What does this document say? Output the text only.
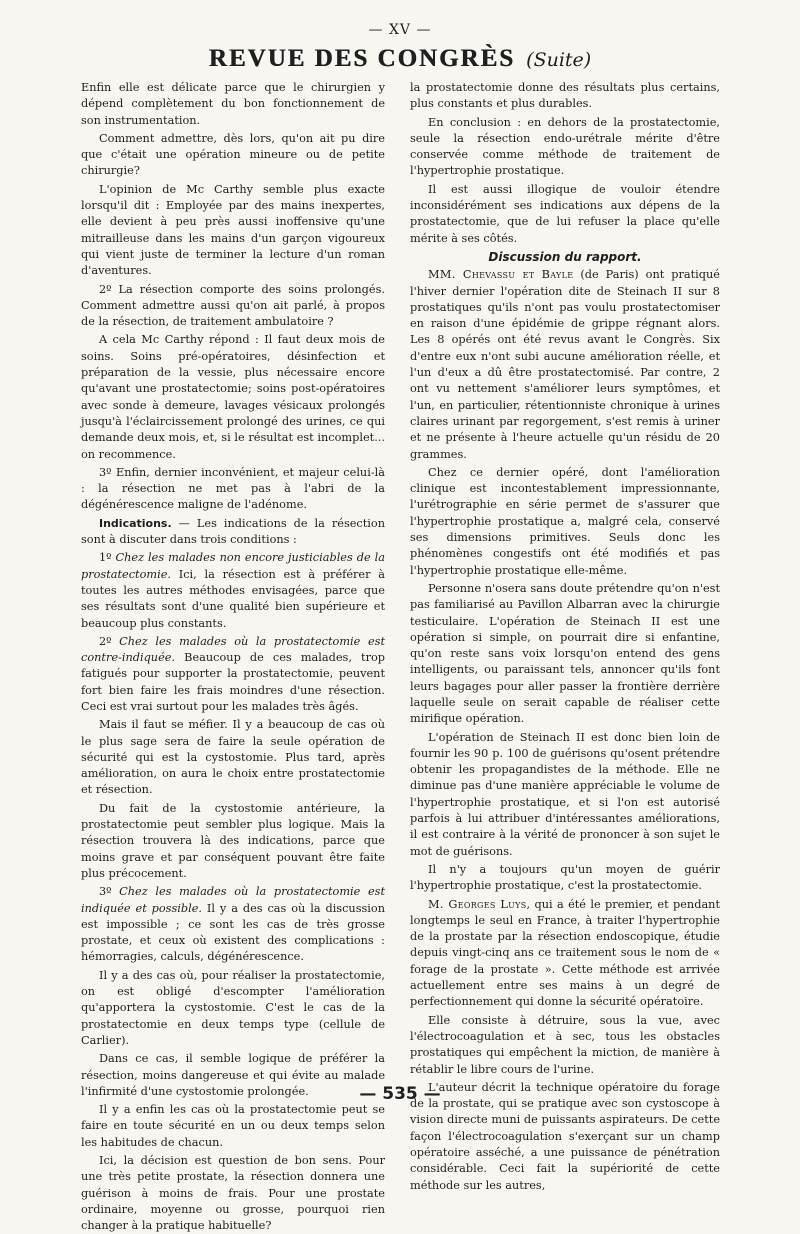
— XV —
REVUE DES CONGRÈS (Suite)

Enfin elle est délicate parce que le chirurgien y dépend complètement du bon fonctionnement de son instrumentation.

Comment admettre, dès lors, qu'on ait pu dire que c'était une opération mineure ou de petite chirurgie?

L'opinion de Mc Carthy semble plus exacte lorsqu'il dit : Employée par des mains inexpertes, elle devient à peu près aussi inoffensive qu'une mitrailleuse dans les mains d'un garçon vigoureux qui vient juste de terminer la lecture d'un roman d'aventures.

2º La résection comporte des soins prolongés. Comment admettre aussi qu'on ait parlé, à propos de la résection, de traitement ambulatoire ?

A cela Mc Carthy répond : Il faut deux mois de soins. Soins pré-opératoires, désinfection et préparation de la vessie, plus nécessaire encore qu'avant une prostatectomie; soins post-opératoires avec sonde à demeure, lavages vésicaux prolongés jusqu'à l'éclaircissement prolongé des urines, ce qui demande deux mois, et, si le résultat est incomplet... on recommence.

3º Enfin, dernier inconvénient, et majeur celui-là : la résection ne met pas à l'abri de la dégénérescence maligne de l'adénome.

Indications. — Les indications de la résection sont à discuter dans trois conditions :

1º Chez les malades non encore justiciables de la prostatectomie. Ici, la résection est à préférer à toutes les autres méthodes envisagées, parce que ses résultats sont d'une qualité bien supérieure et beaucoup plus constants.

2º Chez les malades où la prostatectomie est contre-indiquée. Beaucoup de ces malades, trop fatigués pour supporter la prostatectomie, peuvent fort bien faire les frais moindres d'une résection. Ceci est vrai surtout pour les malades très âgés.

Mais il faut se méfier. Il y a beaucoup de cas où le plus sage sera de faire la seule opération de sécurité qui est la cystostomie. Plus tard, après amélioration, on aura le choix entre prostatectomie et résection.

Du fait de la cystostomie antérieure, la prostatectomie peut sembler plus logique. Mais la résection trouvera là des indications, parce que moins grave et par conséquent pouvant être faite plus précocement.

3º Chez les malades où la prostatectomie est indiquée et possible. Il y a des cas où la discussion est impossible ; ce sont les cas de très grosse prostate, et ceux où existent des complications : hémorragies, calculs, dégénérescence.

Il y a des cas où, pour réaliser la prostatectomie, on est obligé d'escompter l'amélioration qu'apportera la cystostomie. C'est le cas de la prostatectomie en deux temps type (cellule de Carlier).

Dans ce cas, il semble logique de préférer la résection, moins dangereuse et qui évite au malade l'infirmité d'une cystostomie prolongée.

Il y a enfin les cas où la prostatectomie peut se faire en toute sécurité en un ou deux temps selon les habitudes de chacun.

Ici, la décision est question de bon sens. Pour une très petite prostate, la résection donnera une guérison à moins de frais. Pour une prostate ordinaire, moyenne ou grosse, pourquoi rien changer à la pratique habituelle?

la prostatectomie donne des résultats plus certains, plus constants et plus durables.

En conclusion : en dehors de la prostatectomie, seule la résection endo-urétrale mérite d'être conservée comme méthode de traitement de l'hypertrophie prostatique.

Il est aussi illogique de vouloir étendre inconsidérément ses indications aux dépens de la prostatectomie, que de lui refuser la place qu'elle mérite à ses côtés.

Discussion du rapport.

MM. Chevassu et Bayle (de Paris) ont pratiqué l'hiver dernier l'opération dite de Steinach II sur 8 prostatiques qu'ils n'ont pas voulu prostatectomiser en raison d'une épidémie de grippe régnant alors. Les 8 opérés ont été revus avant le Congrès. Six d'entre eux n'ont subi aucune amélioration réelle, et l'un d'eux a dû être prostatectomisé. Par contre, 2 ont vu nettement s'améliorer leurs symptômes, et l'un, en particulier, rétentionniste chronique à urines claires urinant par regorgement, s'est remis à uriner et ne présente à l'heure actuelle qu'un résidu de 20 grammes.

Chez ce dernier opéré, dont l'amélioration clinique est incontestablement impressionnante, l'urétrographie en série permet de s'assurer que l'hypertrophie prostatique a, malgré cela, conservé ses dimensions primitives. Seuls donc les phénomènes congestifs ont été modifiés et pas l'hypertrophie prostatique elle-même.

Personne n'osera sans doute prétendre qu'on n'est pas familiarisé au Pavillon Albarran avec la chirurgie testiculaire. L'opération de Steinach II est une opération si simple, on pourrait dire si enfantine, qu'on reste sans voix lorsqu'on entend des gens intelligents, ou paraissant tels, annoncer qu'ils font leurs bagages pour aller passer la frontière derrière laquelle seule on serait capable de réaliser cette mirifique opération.

L'opération de Steinach II est donc bien loin de fournir les 90 p. 100 de guérisons qu'osent prétendre obtenir les propagandistes de la méthode. Elle ne diminue pas d'une manière appréciable le volume de l'hypertrophie prostatique, et si l'on est autorisé parfois à lui attribuer d'intéressantes améliorations, il est contraire à la vérité de prononcer à son sujet le mot de guérisons.

Il n'y a toujours qu'un moyen de guérir l'hypertrophie prostatique, c'est la prostatectomie.

M. Georges Luys, qui a été le premier, et pendant longtemps le seul en France, à traiter l'hypertrophie de la prostate par la résection endoscopique, étudie depuis vingt-cinq ans ce traitement sous le nom de « forage de la prostate ». Cette méthode est arrivée actuellement entre ses mains à un degré de perfectionnement qui donne la sécurité opératoire.

Elle consiste à détruire, sous la vue, avec l'électrocoagulation et à sec, tous les obstacles prostatiques qui empêchent la miction, de manière à rétablir le libre cours de l'urine.

L'auteur décrit la technique opératoire du forage de la prostate, qui se pratique avec son cystoscope à vision directe muni de puissants aspirateurs. De cette façon l'électrocoagulation s'exerçant sur un champ opératoire asséché, a une puissance de pénétration considérable. Ceci fait la supériorité de cette méthode sur les autres,

— 535 —
